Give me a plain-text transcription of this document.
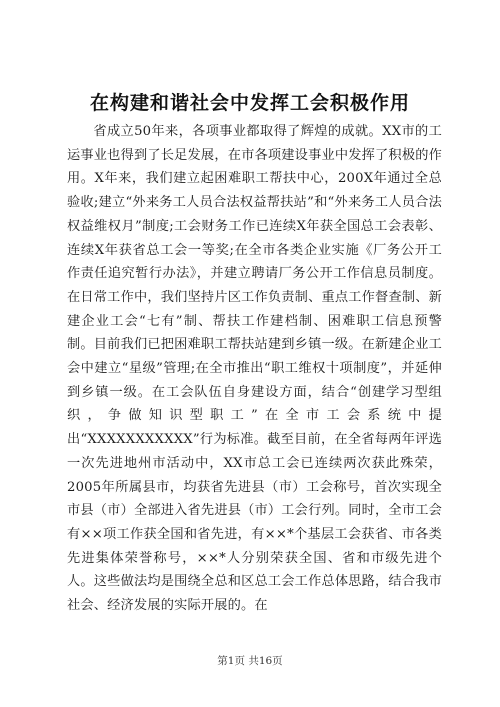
在构建和谐社会中发挥工会积极作用

省成立50年来，各项事业都取得了辉煌的成就。XX市的工运事业也得到了长足发展，在市各项建设事业中发挥了积极的作用。X年来，我们建立起困难职工帮扶中心，200X年通过全总验收;建立“外来务工人员合法权益帮扶站”和“外来务工人员合法权益维权月”制度;工会财务工作已连续X年获全国总工会表彰、连续X年获省总工会一等奖;在全市各类企业实施《厂务公开工作责任追究暂行办法》，并建立聘请厂务公开工作信息员制度。在日常工作中，我们坚持片区工作负责制、重点工作督查制、新建企业工会“七有”制、帮扶工作建档制、困难职工信息预警制。目前我们已把困难职工帮扶站建到乡镇一级。在新建企业工会中建立“星级”管理;在全市推出“职工维权十项制度”，并延伸到乡镇一级。在工会队伍自身建设方面，结合“创建学习型组织，争做知识型职工”在全市工会系统中提出“XXXXXXXXXXX”行为标准。截至目前，在全省每两年评选一次先进地州市活动中，XX市总工会已连续两次获此殊荣，2005年所属县市，均获省先进县（市）工会称号，首次实现全市县（市）全部进入省先进县（市）工会行列。同时，全市工会有××项工作获全国和省先进，有××*个基层工会获省、市各类先进集体荣誉称号，××*人分别荣获全国、省和市级先进个人。这些做法均是围绕全总和区总工会工作总体思路，结合我市社会、经济发展的实际开展的。在

第1页 共16页
